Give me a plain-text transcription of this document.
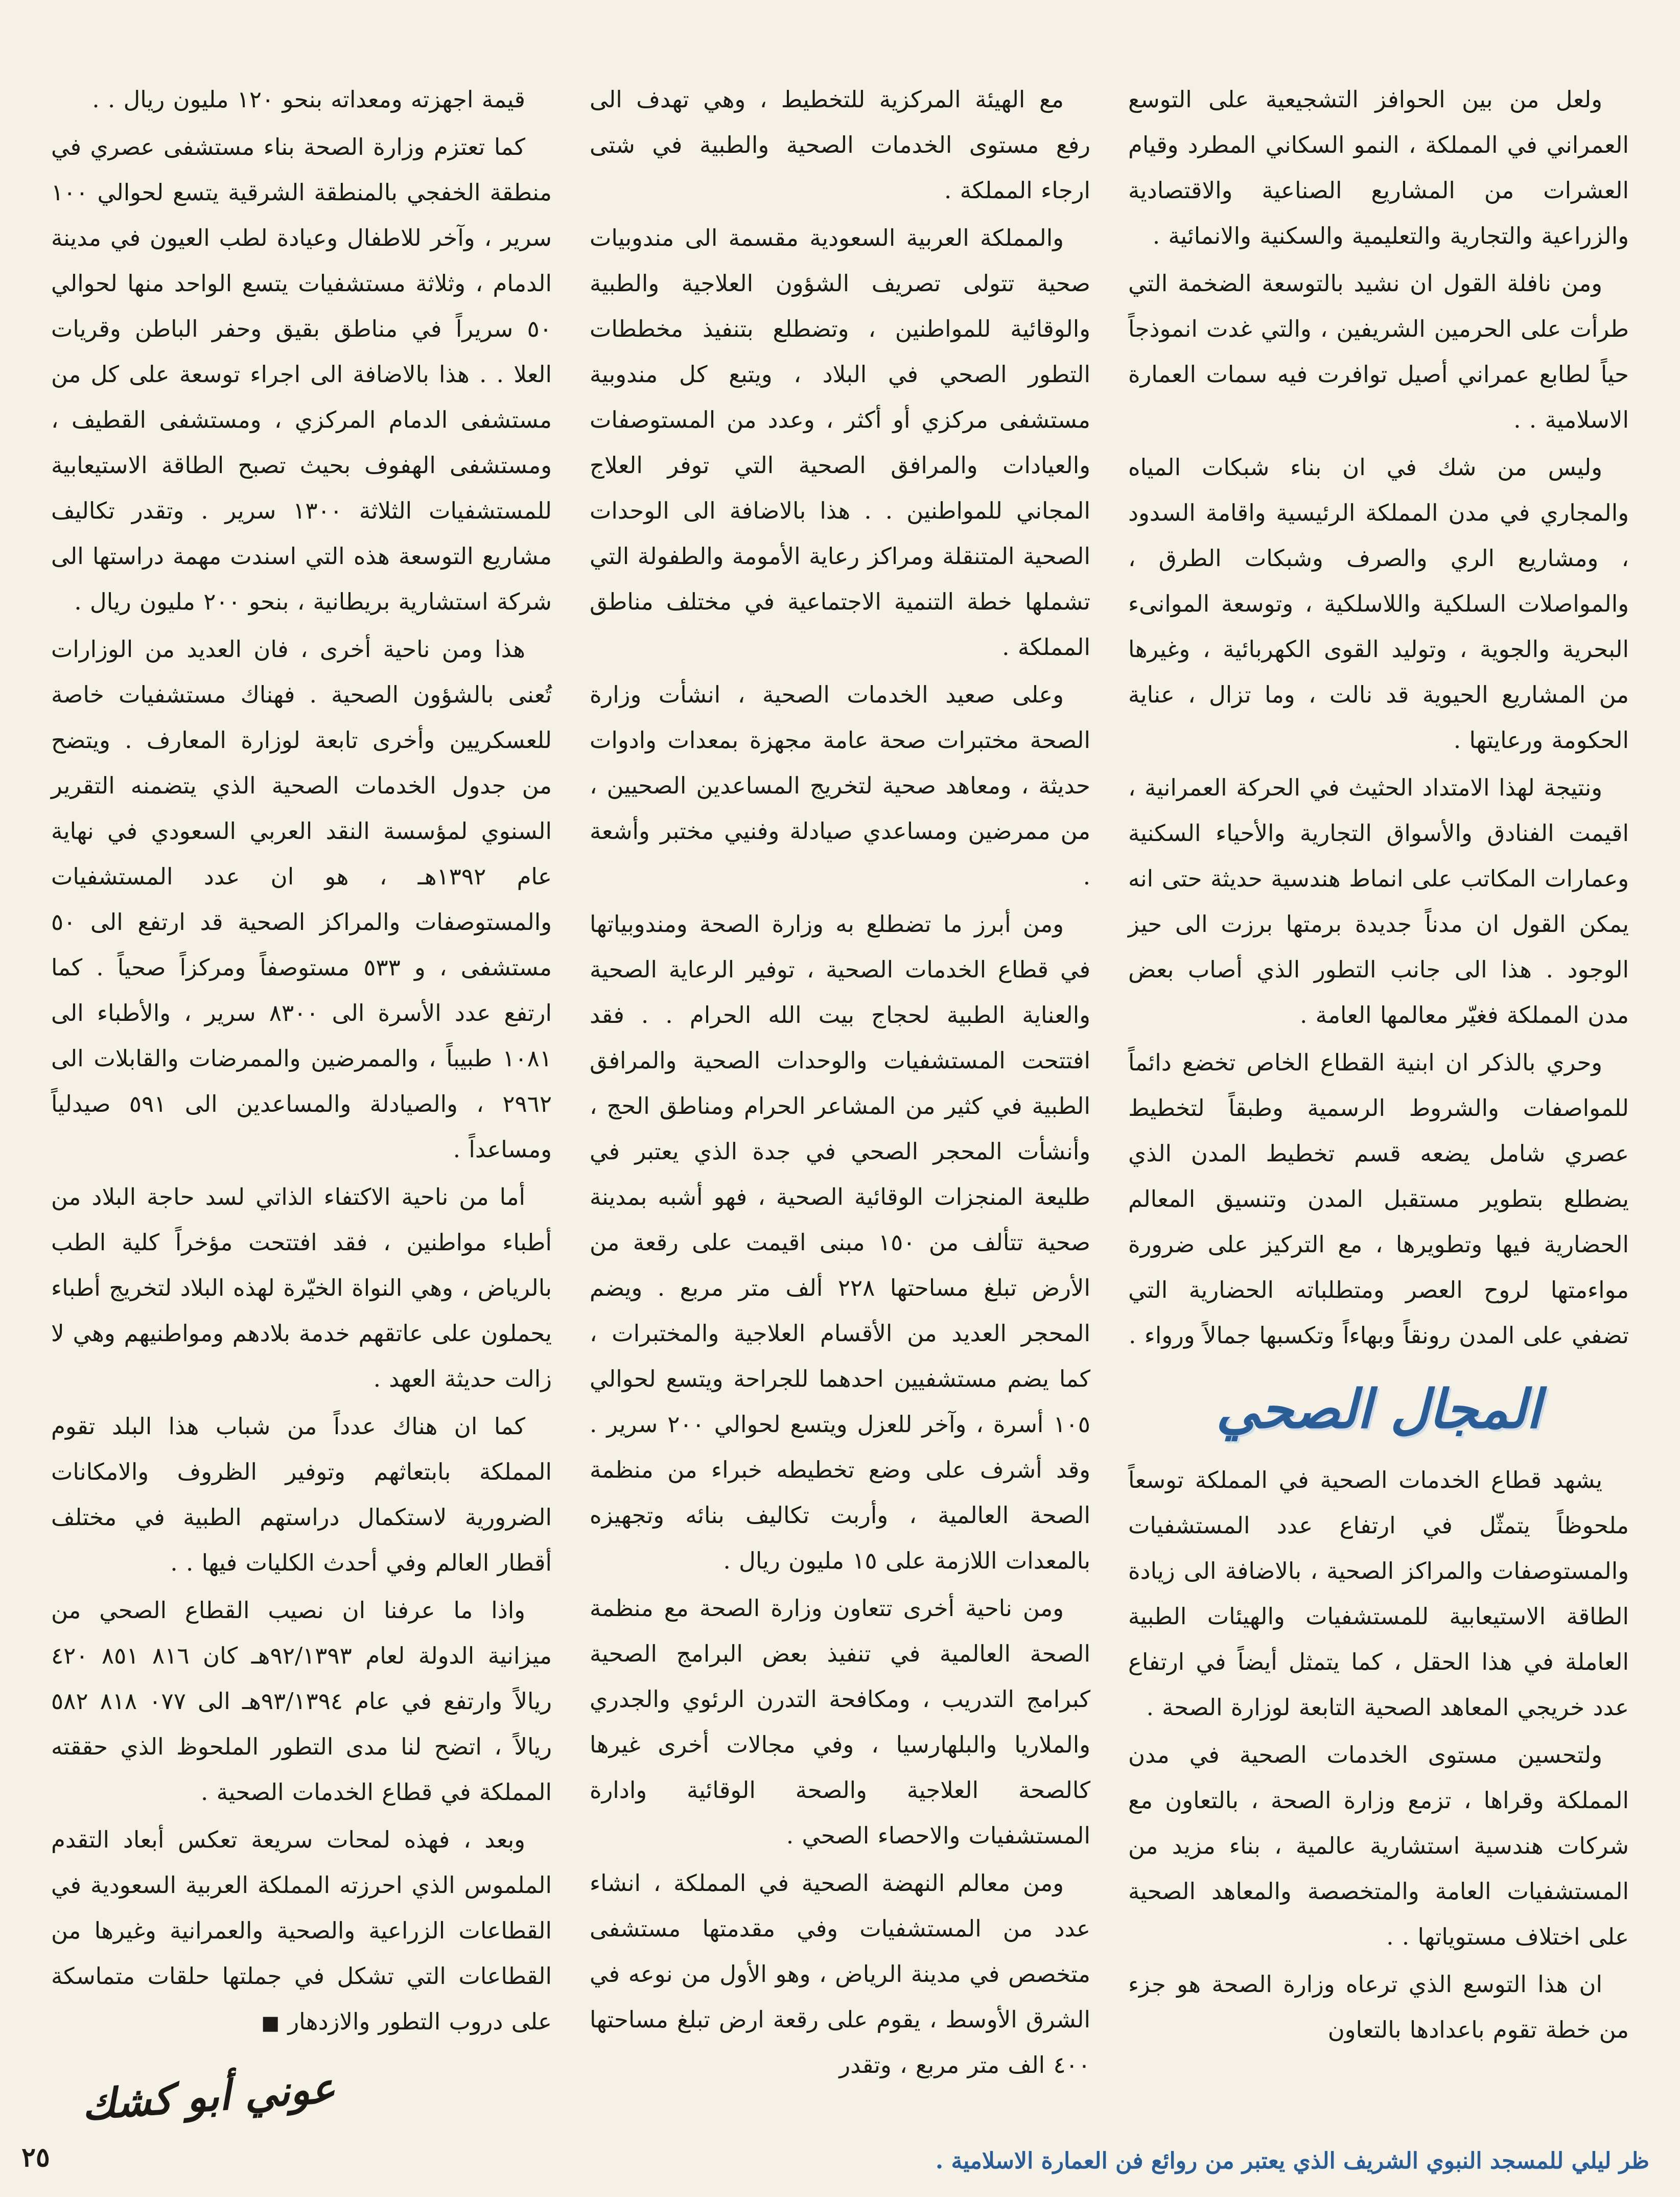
ولعل من بين الحوافز التشجيعية على التوسع العمراني في المملكة ، النمو السكاني المطرد وقيام العشرات من المشاريع الصناعية والاقتصادية والزراعية والتجارية والتعليمية والسكنية والانمائية .

ومن نافلة القول ان نشيد بالتوسعة الضخمة التي طرأت على الحرمين الشريفين ، والتي غدت انموذجاً حياً لطابع عمراني أصيل توافرت فيه سمات العمارة الاسلامية . .

وليس من شك في ان بناء شبكات المياه والمجاري في مدن المملكة الرئيسية واقامة السدود ، ومشاريع الري والصرف وشبكات الطرق ، والمواصلات السلكية واللاسلكية ، وتوسعة الموانىء البحرية والجوية ، وتوليد القوى الكهربائية ، وغيرها من المشاريع الحيوية قد نالت ، وما تزال ، عناية الحكومة ورعايتها .

ونتيجة لهذا الامتداد الحثيث في الحركة العمرانية ، اقيمت الفنادق والأسواق التجارية والأحياء السكنية وعمارات المكاتب على انماط هندسية حديثة حتى انه يمكن القول ان مدناً جديدة برمتها برزت الى حيز الوجود . هذا الى جانب التطور الذي أصاب بعض مدن المملكة فغيّر معالمها العامة .

وحري بالذكر ان ابنية القطاع الخاص تخضع دائماً للمواصفات والشروط الرسمية وطبقاً لتخطيط عصري شامل يضعه قسم تخطيط المدن الذي يضطلع بتطوير مستقبل المدن وتنسيق المعالم الحضارية فيها وتطويرها ، مع التركيز على ضرورة مواءمتها لروح العصر ومتطلباته الحضارية التي تضفي على المدن رونقاً وبهاءاً وتكسبها جمالاً ورواء .

المجال الصحي

يشهد قطاع الخدمات الصحية في المملكة توسعاً ملحوظاً يتمثّل في ارتفاع عدد المستشفيات والمستوصفات والمراكز الصحية ، بالاضافة الى زيادة الطاقة الاستيعابية للمستشفيات والهيئات الطبية العاملة في هذا الحقل ، كما يتمثل أيضاً في ارتفاع عدد خريجي المعاهد الصحية التابعة لوزارة الصحة .

ولتحسين مستوى الخدمات الصحية في مدن المملكة وقراها ، تزمع وزارة الصحة ، بالتعاون مع شركات هندسية استشارية عالمية ، بناء مزيد من المستشفيات العامة والمتخصصة والمعاهد الصحية على اختلاف مستوياتها . .

ان هذا التوسع الذي ترعاه وزارة الصحة هو جزء من خطة تقوم باعدادها بالتعاون

مع الهيئة المركزية للتخطيط ، وهي تهدف الى رفع مستوى الخدمات الصحية والطبية في شتى ارجاء المملكة .

والمملكة العربية السعودية مقسمة الى مندوبيات صحية تتولى تصريف الشؤون العلاجية والطبية والوقائية للمواطنين ، وتضطلع بتنفيذ مخططات التطور الصحي في البلاد ، ويتبع كل مندوبية مستشفى مركزي أو أكثر ، وعدد من المستوصفات والعيادات والمرافق الصحية التي توفر العلاج المجاني للمواطنين . . هذا بالاضافة الى الوحدات الصحية المتنقلة ومراكز رعاية الأمومة والطفولة التي تشملها خطة التنمية الاجتماعية في مختلف مناطق المملكة .

وعلى صعيد الخدمات الصحية ، انشأت وزارة الصحة مختبرات صحة عامة مجهزة بمعدات وادوات حديثة ، ومعاهد صحية لتخريج المساعدين الصحيين ، من ممرضين ومساعدي صيادلة وفنيي مختبر وأشعة .

ومن أبرز ما تضطلع به وزارة الصحة ومندوبياتها في قطاع الخدمات الصحية ، توفير الرعاية الصحية والعناية الطبية لحجاج بيت الله الحرام . . فقد افتتحت المستشفيات والوحدات الصحية والمرافق الطبية في كثير من المشاعر الحرام ومناطق الحج ، وأنشأت المحجر الصحي في جدة الذي يعتبر في طليعة المنجزات الوقائية الصحية ، فهو أشبه بمدينة صحية تتألف من ١٥٠ مبنى اقيمت على رقعة من الأرض تبلغ مساحتها ٢٢٨ ألف متر مربع . ويضم المحجر العديد من الأقسام العلاجية والمختبرات ، كما يضم مستشفيين احدهما للجراحة ويتسع لحوالي ١٠٥ أسرة ، وآخر للعزل ويتسع لحوالي ٢٠٠ سرير . وقد أشرف على وضع تخطيطه خبراء من منظمة الصحة العالمية ، وأربت تكاليف بنائه وتجهيزه بالمعدات اللازمة على ١٥ مليون ريال .

ومن ناحية أخرى تتعاون وزارة الصحة مع منظمة الصحة العالمية في تنفيذ بعض البرامج الصحية كبرامج التدريب ، ومكافحة التدرن الرئوي والجدري والملاريا والبلهارسيا ، وفي مجالات أخرى غيرها كالصحة العلاجية والصحة الوقائية وادارة المستشفيات والاحصاء الصحي .

ومن معالم النهضة الصحية في المملكة ، انشاء عدد من المستشفيات وفي مقدمتها مستشفى متخصص في مدينة الرياض ، وهو الأول من نوعه في الشرق الأوسط ، يقوم على رقعة ارض تبلغ مساحتها ٤٠٠ الف متر مربع ، وتقدر

قيمة اجهزته ومعداته بنحو ١٢٠ مليون ريال . .

كما تعتزم وزارة الصحة بناء مستشفى عصري في منطقة الخفجي بالمنطقة الشرقية يتسع لحوالي ١٠٠ سرير ، وآخر للاطفال وعيادة لطب العيون في مدينة الدمام ، وثلاثة مستشفيات يتسع الواحد منها لحوالي ٥٠ سريراً في مناطق بقيق وحفر الباطن وقريات العلا . . هذا بالاضافة الى اجراء توسعة على كل من مستشفى الدمام المركزي ، ومستشفى القطيف ، ومستشفى الهفوف بحيث تصبح الطاقة الاستيعابية للمستشفيات الثلاثة ١٣٠٠ سرير . وتقدر تكاليف مشاريع التوسعة هذه التي اسندت مهمة دراستها الى شركة استشارية بريطانية ، بنحو ٢٠٠ مليون ريال .

هذا ومن ناحية أخرى ، فان العديد من الوزارات تُعنى بالشؤون الصحية . فهناك مستشفيات خاصة للعسكريين وأخرى تابعة لوزارة المعارف . ويتضح من جدول الخدمات الصحية الذي يتضمنه التقرير السنوي لمؤسسة النقد العربي السعودي في نهاية عام ١٣٩٢هـ ، هو ان عدد المستشفيات والمستوصفات والمراكز الصحية قد ارتفع الى ٥٠ مستشفى ، و ٥٣٣ مستوصفاً ومركزاً صحياً . كما ارتفع عدد الأسرة الى ٨٣٠٠ سرير ، والأطباء الى ١٠٨١ طبيباً ، والممرضين والممرضات والقابلات الى ٢٩٦٢ ، والصيادلة والمساعدين الى ٥٩١ صيدلياً ومساعداً .

أما من ناحية الاكتفاء الذاتي لسد حاجة البلاد من أطباء مواطنين ، فقد افتتحت مؤخراً كلية الطب بالرياض ، وهي النواة الخيّرة لهذه البلاد لتخريج أطباء يحملون على عاتقهم خدمة بلادهم ومواطنيهم وهي لا زالت حديثة العهد .

كما ان هناك عدداً من شباب هذا البلد تقوم المملكة بابتعاثهم وتوفير الظروف والامكانات الضرورية لاستكمال دراستهم الطبية في مختلف أقطار العالم وفي أحدث الكليات فيها . .

واذا ما عرفنا ان نصيب القطاع الصحي من ميزانية الدولة لعام ٩٢/١٣٩٣هـ كان ٨١٦ ٨٥١ ٤٢٠ ريالاً وارتفع في عام ٩٣/١٣٩٤هـ الى ٠٧٧ ٨١٨ ٥٨٢ ريالاً ، اتضح لنا مدى التطور الملحوظ الذي حققته المملكة في قطاع الخدمات الصحية .

وبعد ، فهذه لمحات سريعة تعكس أبعاد التقدم الملموس الذي احرزته المملكة العربية السعودية في القطاعات الزراعية والصحية والعمرانية وغيرها من القطاعات التي تشكل في جملتها حلقات متماسكة على دروب التطور والازدهار ■

عوني أبو كشك
ظر ليلي للمسجد النبوي الشريف الذي يعتبر من روائع فن العمارة الاسلامية .
٢٥
